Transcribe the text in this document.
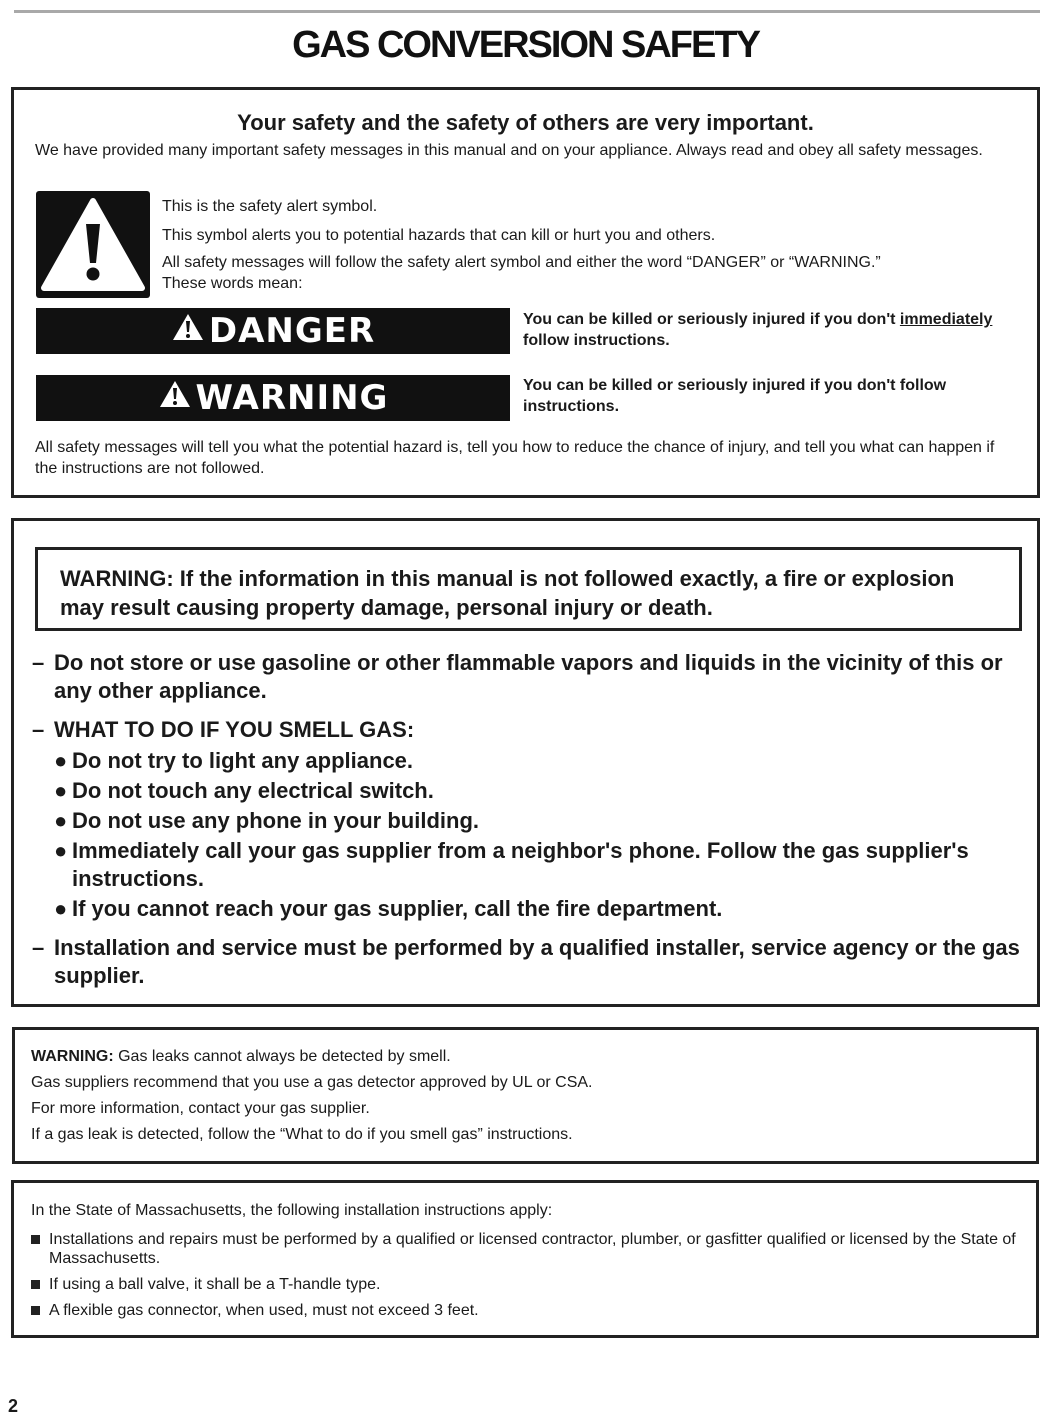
GAS CONVERSION SAFETY
Your safety and the safety of others are very important.

We have provided many important safety messages in this manual and on your appliance. Always read and obey all safety messages.

This is the safety alert symbol.

This symbol alerts you to potential hazards that can kill or hurt you and others.

All safety messages will follow the safety alert symbol and either the word “DANGER” or “WARNING.”

These words mean:

DANGER	You can be killed or seriously injured if you don't immediately follow instructions.

WARNING	You can be killed or seriously injured if you don't follow instructions.

All safety messages will tell you what the potential hazard is, tell you how to reduce the chance of injury, and tell you what can happen if the instructions are not followed.

WARNING: If the information in this manual is not followed exactly, a fire or explosion may result causing property damage, personal injury or death.

– Do not store or use gasoline or other flammable vapors and liquids in the vicinity of this or any other appliance.
– WHAT TO DO IF YOU SMELL GAS:
● Do not try to light any appliance.
● Do not touch any electrical switch.
● Do not use any phone in your building.
● Immediately call your gas supplier from a neighbor's phone. Follow the gas supplier's instructions.
● If you cannot reach your gas supplier, call the fire department.
– Installation and service must be performed by a qualified installer, service agency or the gas supplier.

WARNING: Gas leaks cannot always be detected by smell.

Gas suppliers recommend that you use a gas detector approved by UL or CSA.

For more information, contact your gas supplier.

If a gas leak is detected, follow the “What to do if you smell gas” instructions.

In the State of Massachusetts, the following installation instructions apply:

Installations and repairs must be performed by a qualified or licensed contractor, plumber, or gasfitter qualified or licensed by the State of Massachusetts.
If using a ball valve, it shall be a T-handle type.
A flexible gas connector, when used, must not exceed 3 feet.

2
